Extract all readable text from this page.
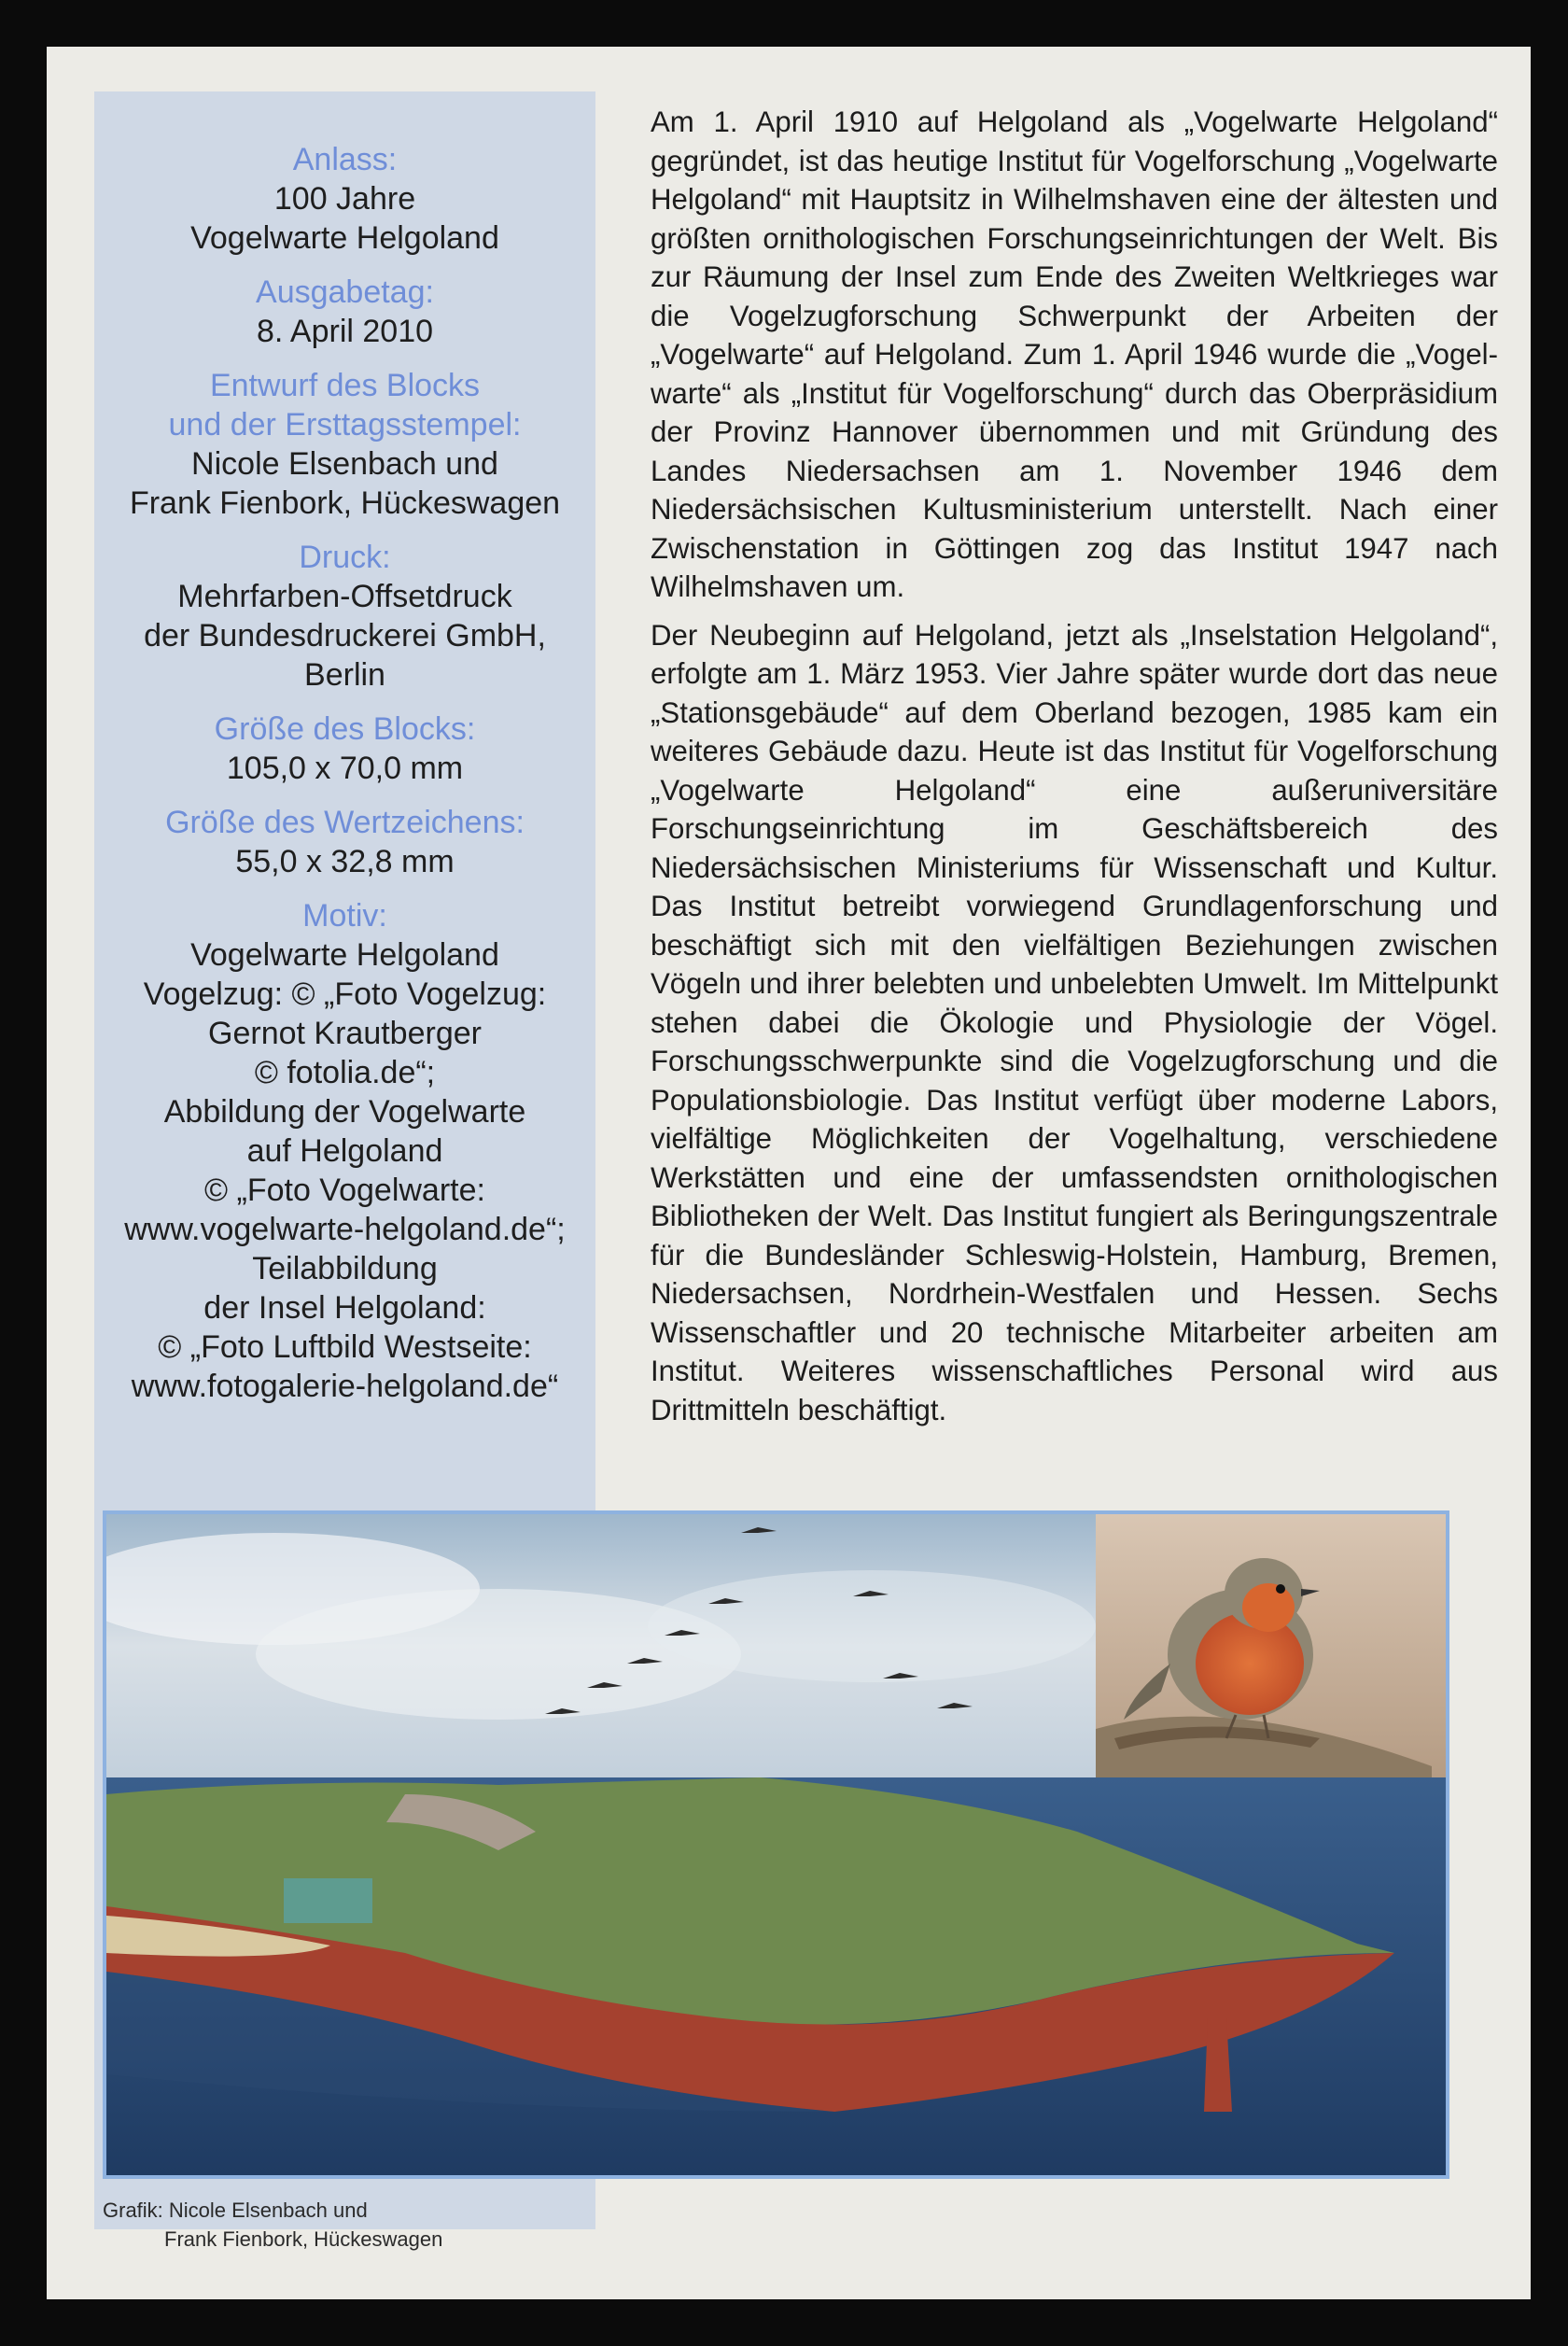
Anlass:
100 Jahre
Vogelwarte Helgoland
Ausgabetag:
8. April 2010
Entwurf des Blocks
und der Ersttagsstempel:
Nicole Elsenbach und
Frank Fienbork, Hückeswagen
Druck:
Mehrfarben-Offsetdruck
der Bundesdruckerei GmbH,
Berlin
Größe des Blocks:
105,0 x 70,0 mm
Größe des Wertzeichens:
55,0 x 32,8 mm
Motiv:
Vogelwarte Helgoland
Vogelzug: © „Foto Vogelzug:
Gernot Krautberger
© fotolia.de“;
Abbildung der Vogelwarte
auf Helgoland
© „Foto Vogelwarte:
www.vogelwarte-helgoland.de“;
Teilabbildung
der Insel Helgoland:
© „Foto Luftbild Westseite:
www.fotogalerie-helgoland.de“

Am 1. April 1910 auf Helgoland als „Vogelwarte Helgoland“ gegründet, ist das heutige Institut für Vogelforschung „Vogelwarte Helgoland“ mit Hauptsitz in Wilhelmshaven eine der ältesten und größten ornithologischen Forschungseinrichtungen der Welt. Bis zur Räumung der Insel zum Ende des Zweiten Weltkrieges war die Vogelzugforschung Schwerpunkt der Arbeiten der „Vogelwarte“ auf Helgoland. Zum 1. April 1946 wurde die „Vogelwarte“ als „Institut für Vogelforschung“ durch das Oberpräsidium der Provinz Hannover übernommen und mit Gründung des Landes Niedersachsen am 1. November 1946 dem Niedersächsischen Kultusministerium unterstellt. Nach einer Zwischenstation in Göttingen zog das Institut 1947 nach Wilhelmshaven um.

Der Neubeginn auf Helgoland, jetzt als „Inselstation Helgoland“, erfolgte am 1. März 1953. Vier Jahre später wurde dort das neue „Stationsgebäude“ auf dem Oberland bezogen, 1985 kam ein weiteres Gebäude dazu. Heute ist das Institut für Vogelforschung „Vogelwarte Helgoland“ eine außeruniversitäre Forschungseinrichtung im Geschäftsbereich des Niedersächsischen Ministeriums für Wissenschaft und Kultur. Das Institut betreibt vorwiegend Grundlagenforschung und beschäftigt sich mit den vielfältigen Beziehungen zwischen Vögeln und ihrer belebten und unbelebten Umwelt. Im Mittelpunkt stehen dabei die Ökologie und Physiologie der Vögel. Forschungsschwerpunkte sind die Vogelzugforschung und die Populationsbiologie. Das Institut verfügt über moderne Labors, vielfältige Möglichkeiten der Vogelhaltung, verschiedene Werkstätten und eine der umfassendsten ornithologischen Bibliotheken der Welt. Das Institut fungiert als Beringungszentrale für die Bundesländer Schleswig-Holstein, Hamburg, Bremen, Niedersachsen, Nordrhein-Westfalen und Hessen. Sechs Wissenschaftler und 20 technische Mitarbeiter arbeiten am Institut. Weiteres wissenschaftliches Personal wird aus Drittmitteln beschäftigt.

Grafik: Nicole Elsenbach und
Frank Fienbork, Hückeswagen
